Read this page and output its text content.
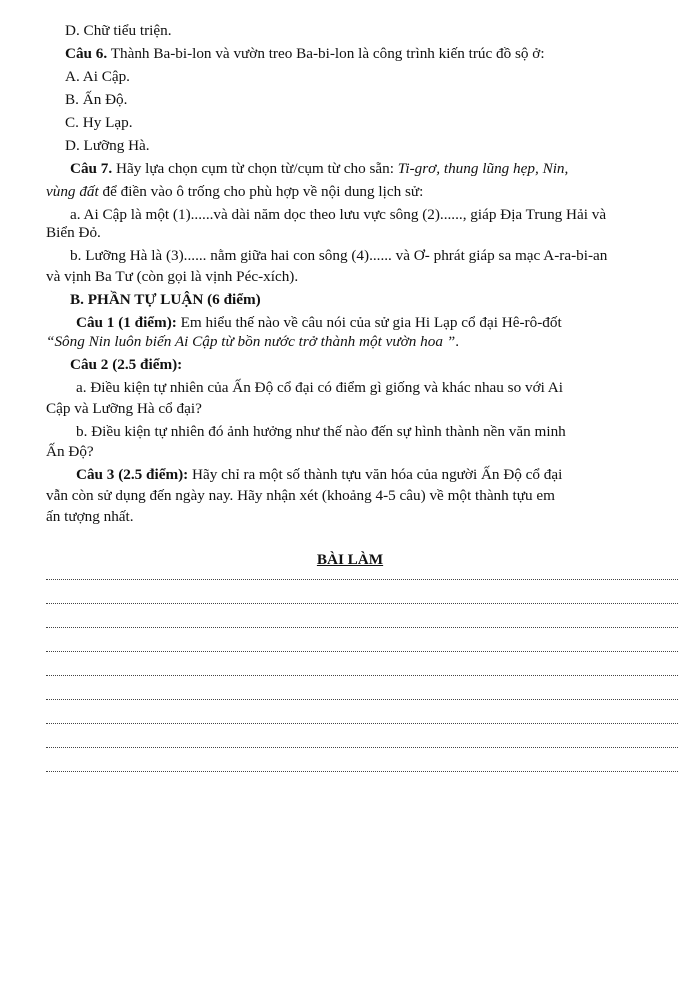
D. Chữ tiểu triện.
Câu 6. Thành Ba-bi-lon và vườn treo Ba-bi-lon là công trình kiến trúc đồ sộ ở:
A. Ai Cập.
B. Ấn Độ.
C. Hy Lạp.
D. Lưỡng Hà.
Câu 7. Hãy lựa chọn cụm từ chọn từ/cụm từ cho sẵn: Ti-grơ, thung lũng hẹp, Nin,
vùng đất để điền vào ô trống cho phù hợp về nội dung lịch sử:
a. Ai Cập là một (1)......và dài năm dọc theo lưu vực sông (2)......, giáp Địa Trung Hải và
Biển Đỏ.
b. Lưỡng Hà là (3)...... nằm giữa hai con sông (4)...... và Ơ- phrát giáp sa mạc A-ra-bi-an
và vịnh Ba Tư (còn gọi là vịnh Péc-xích).
B. PHẦN TỰ LUẬN (6 điểm)
Câu 1 (1 điểm): Em hiểu thế nào về câu nói của sử gia Hi Lạp cổ đại Hê-rô-đốt
“Sông Nin luôn biến Ai Cập từ bồn nước trở thành một vườn hoa ”.
Câu 2 (2.5 điểm):
a. Điều kiện tự nhiên của Ấn Độ cổ đại có điểm gì giống và khác nhau so với Ai
Cập và Lưỡng Hà cổ đại?
b. Điều kiện tự nhiên đó ảnh hưởng như thế nào đến sự hình thành nền văn minh
Ấn Độ?
Câu 3 (2.5 điểm): Hãy chỉ ra một số thành tựu văn hóa của người Ấn Độ cổ đại
vẫn còn sử dụng đến ngày nay. Hãy nhận xét (khoảng 4-5 câu) về một thành tựu em
ấn tượng nhất.
BÀI LÀM
